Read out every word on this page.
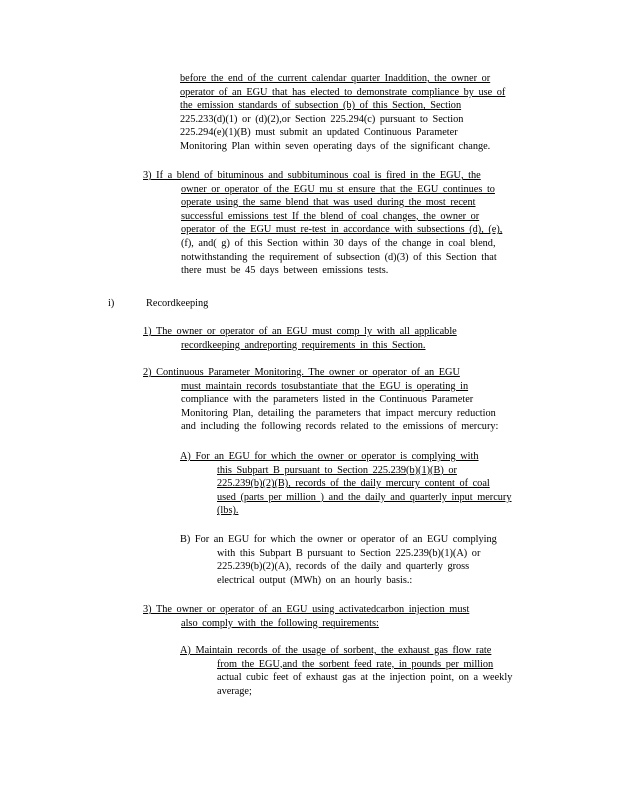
before the end of the current calendar quarter Inaddition, the owner or
operator of an EGU that has elected to demonstrate compliance by use of
the emission standards of subsection (b) of this Section, Section
225.233(d)(1) or (d)(2),or Section 225.294(c) pursuant to Section
225.294(e)(1)(B) must submit an updated Continuous Parameter
Monitoring Plan within seven operating days of the significant change.
3) If a blend of bituminous and subbituminous coal is fired in the EGU, the
owner or operator of the EGU mu st ensure that the EGU continues to
operate using the same blend that was used during the most recent
successful emissions test If the blend of coal changes, the owner or
operator of the EGU must re-test in accordance with subsections (d), (e),
(f), and( g) of this Section within 30 days of the change in coal blend,
notwithstanding the requirement of subsection (d)(3) of this Section that
there must be 45 days between emissions tests.
i)	Recordkeeping
1) The owner or operator of an EGU must comp ly with all applicable
recordkeeping andreporting requirements in this Section.
2) Continuous Parameter Monitoring. The owner or operator of an EGU
must maintain records tosubstantiate that the EGU is operating in
compliance with the parameters listed in the Continuous Parameter
Monitoring Plan, detailing the parameters that impact mercury reduction
and including the following records related to the emissions of mercury:
A) For an EGU for which the owner or operator is complying with
this Subpart B pursuant to Section 225.239(b)(1)(B) or
225.239(b)(2)(B), records of the daily mercury content of coal
used (parts per million ) and the daily and quarterly input mercury
(lbs).
B) For an EGU for which the owner or operator of an EGU complying
with this Subpart B pursuant to Section 225.239(b)(1)(A) or
225.239(b)(2)(A), records of the daily and quarterly gross
electrical output (MWh) on an hourly basis.:
3) The owner or operator of an EGU using activatedcarbon injection must
also comply with the following requirements:
A) Maintain records of the usage of sorbent, the exhaust gas flow rate
from the EGU,and the sorbent feed rate, in pounds per million
actual cubic feet of exhaust gas at the injection point, on a weekly
average;
